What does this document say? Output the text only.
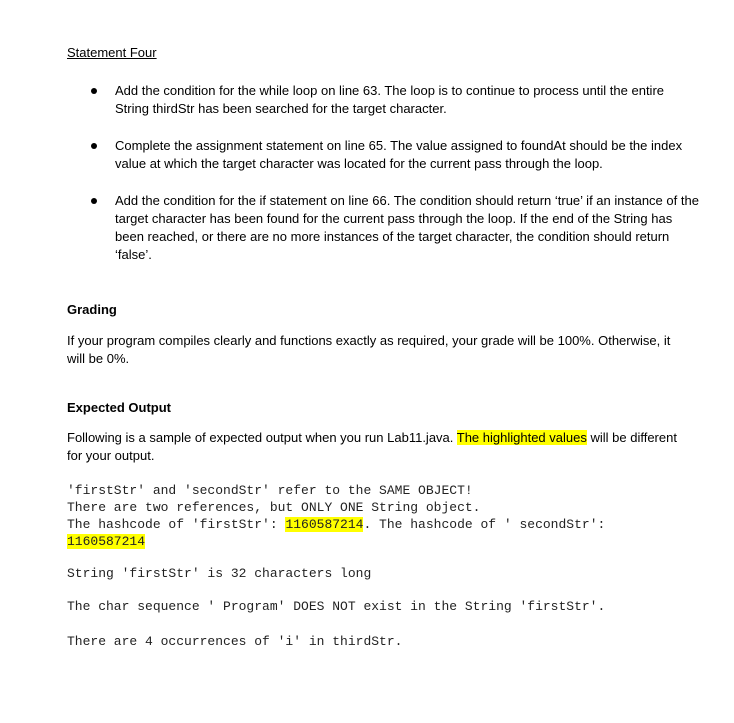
Statement Four
Add the condition for the while loop on line 63. The loop is to continue to process until the entire String thirdStr has been searched for the target character.
Complete the assignment statement on line 65. The value assigned to foundAt should be the index value at which the target character was located for the current pass through the loop.
Add the condition for the if statement on line 66. The condition should return ‘true’ if an instance of the target character has been found for the current pass through the loop. If the end of the String has been reached, or there are no more instances of the target character, the condition should return ‘false’.
Grading
If your program compiles clearly and functions exactly as required, your grade will be 100%. Otherwise, it will be 0%.
Expected Output
Following is a sample of expected output when you run Lab11.java. The highlighted values will be different for your output.
'firstStr' and 'secondStr' refer to the SAME OBJECT!
There are two references, but ONLY ONE String object.
The hashcode of 'firstStr': 1160587214. The hashcode of ' secondStr':
1160587214
String 'firstStr' is 32 characters long
The char sequence ' Program' DOES NOT exist in the String 'firstStr'.
There are 4 occurrences of 'i' in thirdStr.
